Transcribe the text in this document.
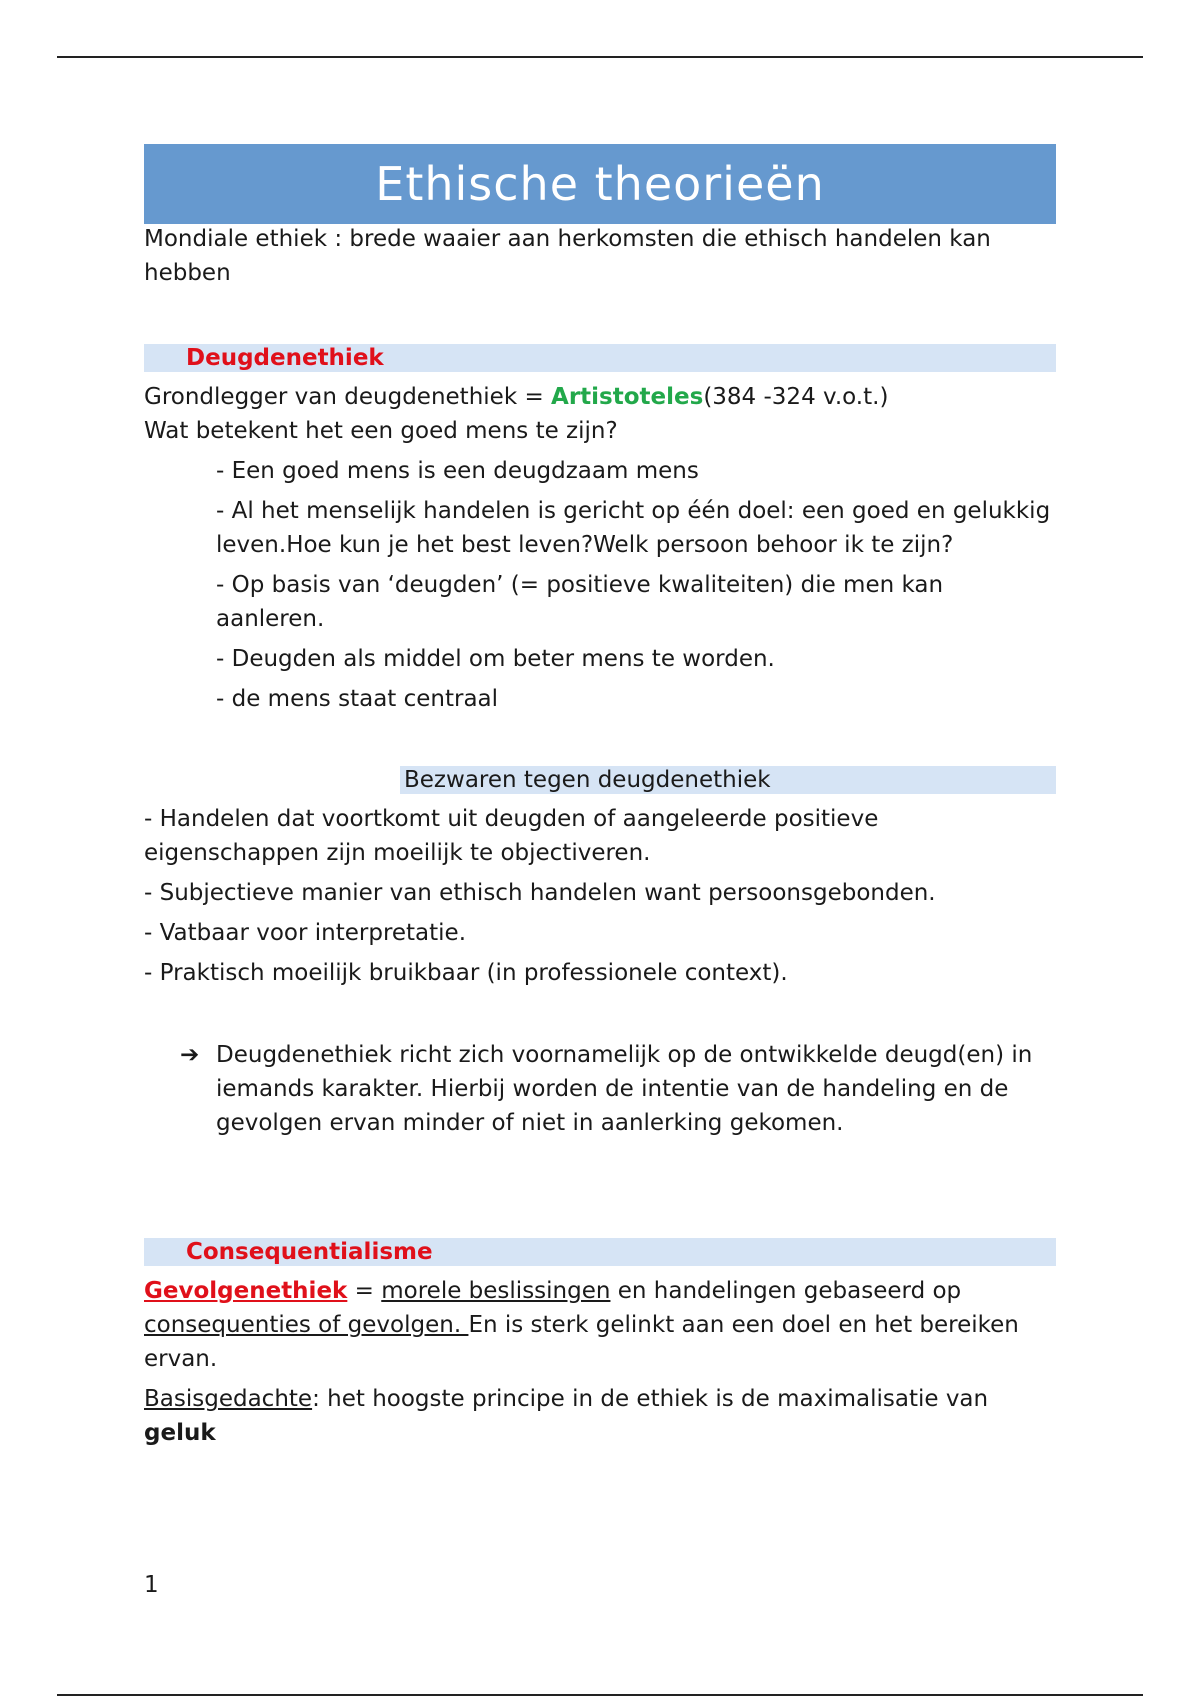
Ethische theorieën

Mondiale ethiek : brede waaier aan herkomsten die ethisch handelen kan hebben

Deugdenethiek

Grondlegger van deugdenethiek = Artistoteles(384 -324 v.o.t.)

Wat betekent het een goed mens te zijn?

- Een goed mens is een deugdzaam mens

- Al het menselijk handelen is gericht op één doel: een goed en gelukkig leven.Hoe kun je het best leven?Welk persoon behoor ik te zijn?

- Op basis van ‘deugden’ (= positieve kwaliteiten) die men kan aanleren.

- Deugden als middel om beter mens te worden.

- de mens staat centraal

Bezwaren tegen deugdenethiek

- Handelen dat voortkomt uit deugden of aangeleerde positieve eigenschappen zijn moeilijk te objectiveren.

- Subjectieve manier van ethisch handelen want persoonsgebonden.

- Vatbaar voor interpretatie.

- Praktisch moeilijk bruikbaar (in professionele context).

➔ Deugdenethiek richt zich voornamelijk op de ontwikkelde deugd(en) in iemands karakter. Hierbij worden de intentie van de handeling en de gevolgen ervan minder of niet in aanlerking gekomen.

Consequentialisme

Gevolgenethiek = morele beslissingen en handelingen gebaseerd op consequenties of gevolgen. En is sterk gelinkt aan een doel en het bereiken ervan.

Basisgedachte: het hoogste principe in de ethiek is de maximalisatie van geluk

1
